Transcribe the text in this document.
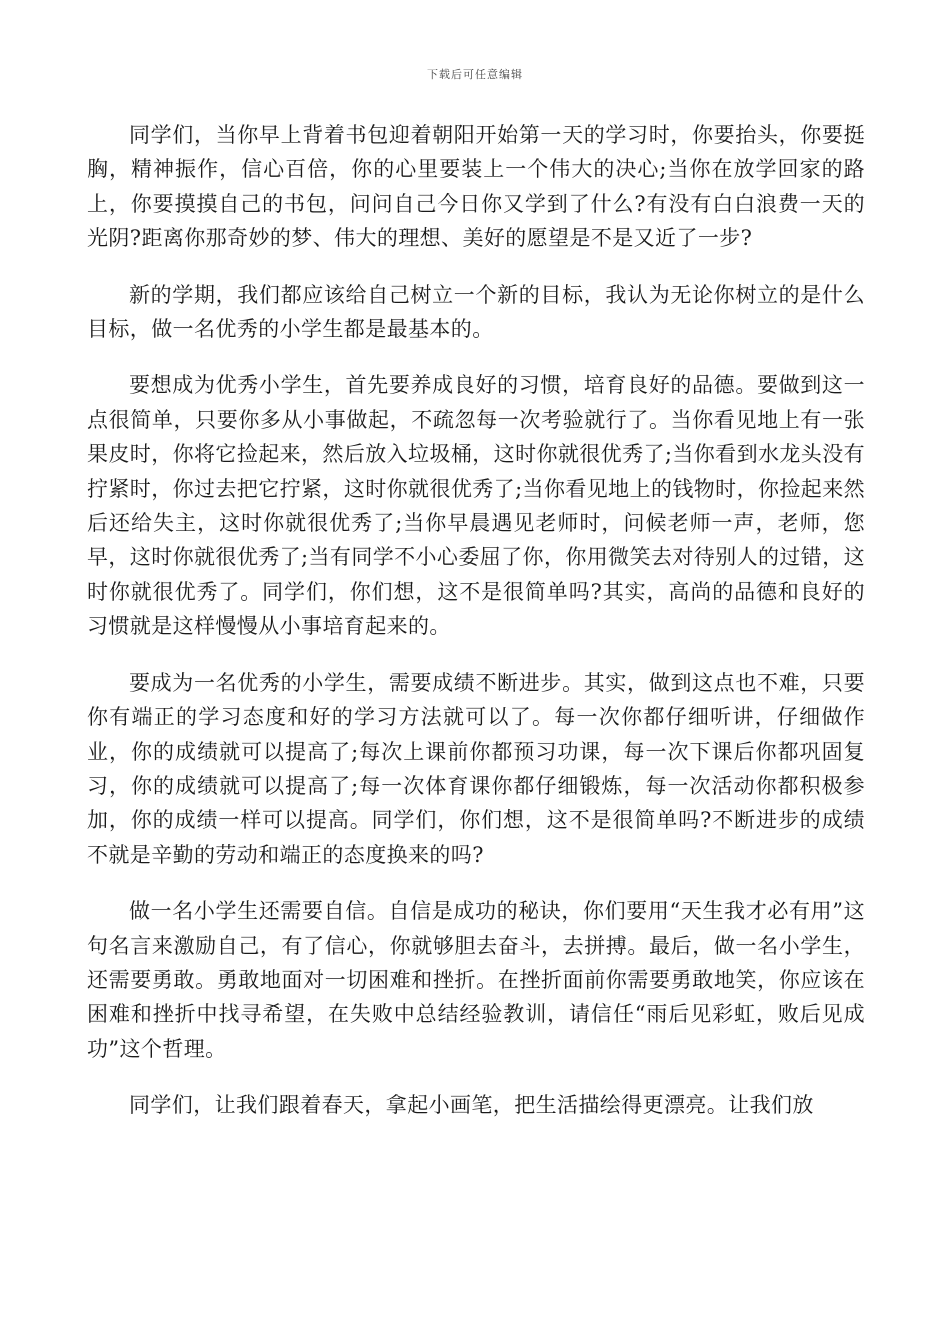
下载后可任意编辑

同学们，当你早上背着书包迎着朝阳开始第一天的学习时，你要抬头，你要挺胸，精神振作，信心百倍，你的心里要装上一个伟大的决心;当你在放学回家的路上，你要摸摸自己的书包，问问自己今日你又学到了什么?有没有白白浪费一天的光阴?距离你那奇妙的梦、伟大的理想、美好的愿望是不是又近了一步?

新的学期，我们都应该给自己树立一个新的目标，我认为无论你树立的是什么目标，做一名优秀的小学生都是最基本的。

要想成为优秀小学生，首先要养成良好的习惯，培育良好的品德。要做到这一点很简单，只要你多从小事做起，不疏忽每一次考验就行了。当你看见地上有一张果皮时，你将它捡起来，然后放入垃圾桶，这时你就很优秀了;当你看到水龙头没有拧紧时，你过去把它拧紧，这时你就很优秀了;当你看见地上的钱物时，你捡起来然后还给失主，这时你就很优秀了;当你早晨遇见老师时，问候老师一声，老师，您早，这时你就很优秀了;当有同学不小心委屈了你，你用微笑去对待别人的过错，这时你就很优秀了。同学们，你们想，这不是很简单吗?其实，高尚的品德和良好的习惯就是这样慢慢从小事培育起来的。

要成为一名优秀的小学生，需要成绩不断进步。其实，做到这点也不难，只要你有端正的学习态度和好的学习方法就可以了。每一次你都仔细听讲，仔细做作业，你的成绩就可以提高了;每次上课前你都预习功课，每一次下课后你都巩固复习，你的成绩就可以提高了;每一次体育课你都仔细锻炼，每一次活动你都积极参加，你的成绩一样可以提高。同学们，你们想，这不是很简单吗?不断进步的成绩不就是辛勤的劳动和端正的态度换来的吗?

做一名小学生还需要自信。自信是成功的秘诀，你们要用“天生我才必有用”这句名言来激励自己，有了信心，你就够胆去奋斗，去拼搏。最后，做一名小学生，还需要勇敢。勇敢地面对一切困难和挫折。在挫折面前你需要勇敢地笑，你应该在困难和挫折中找寻希望，在失败中总结经验教训，请信任“雨后见彩虹，败后见成功”这个哲理。

同学们，让我们跟着春天，拿起小画笔，把生活描绘得更漂亮。让我们放
